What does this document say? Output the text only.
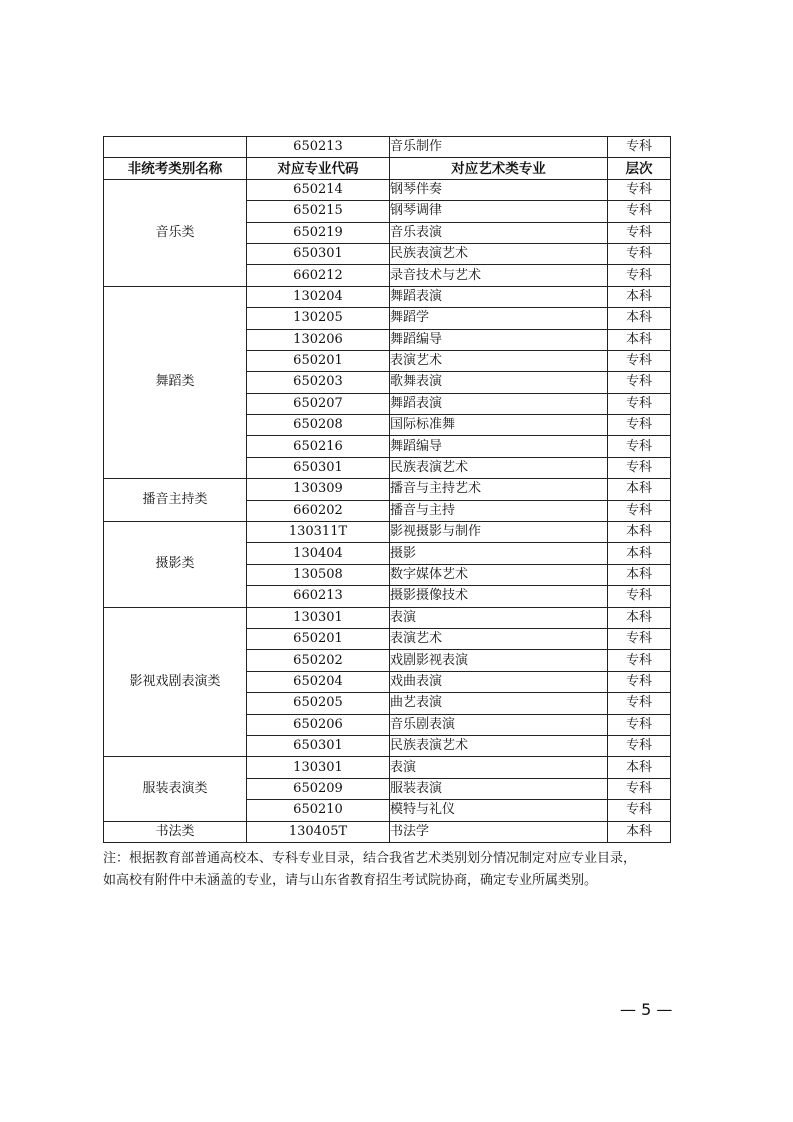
	650213	音乐制作	专科
非统考类别名称	对应专业代码	对应艺术类专业	层次
音乐类	650214	钢琴伴奏	专科
	650215	钢琴调律	专科
	650219	音乐表演	专科
	650301	民族表演艺术	专科
	660212	录音技术与艺术	专科
舞蹈类	130204	舞蹈表演	本科
	130205	舞蹈学	本科
	130206	舞蹈编导	本科
	650201	表演艺术	专科
	650203	歌舞表演	专科
	650207	舞蹈表演	专科
	650208	国际标准舞	专科
	650216	舞蹈编导	专科
	650301	民族表演艺术	专科
播音主持类	130309	播音与主持艺术	本科
	660202	播音与主持	专科
摄影类	130311T	影视摄影与制作	本科
	130404	摄影	本科
	130508	数字媒体艺术	本科
	660213	摄影摄像技术	专科
影视戏剧表演类	130301	表演	本科
	650201	表演艺术	专科
	650202	戏剧影视表演	专科
	650204	戏曲表演	专科
	650205	曲艺表演	专科
	650206	音乐剧表演	专科
	650301	民族表演艺术	专科
服装表演类	130301	表演	本科
	650209	服装表演	专科
	650210	模特与礼仪	专科
书法类	130405T	书法学	本科

注：根据教育部普通高校本、专科专业目录，结合我省艺术类别划分情况制定对应专业目录，
如高校有附件中未涵盖的专业，请与山东省教育招生考试院协商，确定专业所属类别。

— 5 —
